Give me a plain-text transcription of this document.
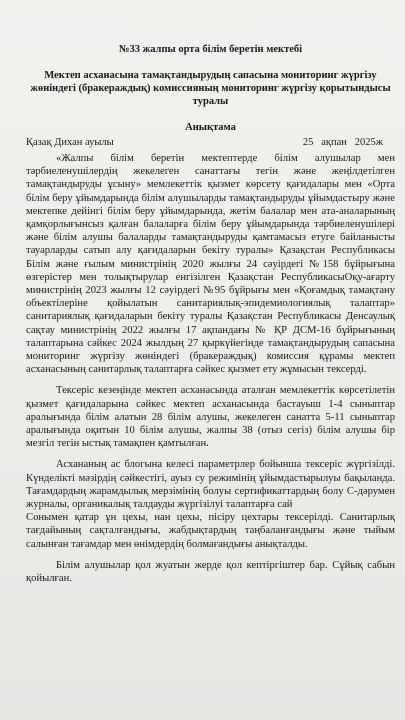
№33 жалпы орта білім беретін мектебі
Мектеп асханасына тамақтандырудың сапасына мониторинг жүргізу жөніндегі (бракераждық) комиссияның мониторинг жүргізу қорытындысы туралы
Анықтама
Қазақ Дихан ауылы	25   ақпан   2025ж

«Жалпы білім беретін мектептерде білім алушылар мен тәрбиеленушілердің жекелеген санаттағы тегін және жеңілдетілген тамақтандыруды ұсыну» мемлекеттік қызмет көрсету қағидалары мен «Орта білім беру ұйымдарында білім алушыларды тамақтандыруды ұйымдастыру және мектепке дейінгі білім беру ұйымдарында, жетім балалар мен ата-аналарының қамқорлығынсыз қалған балаларға білім беру ұйымдарында тәрбиеленушілері және білім алушы балаларды тамақтандыруды қамтамасыз етуге байланысты тауарларды сатып алу қағидаларын бекіту туралы» Қазақстан Республикасы Білім және ғылым министрінің 2020 жылғы 24 сәуірдегі №158 бұйрығына өзгерістер мен толықтырулар енгізілген Қазақстан РеспубликасыОқу-ағарту министрінің 2023 жылғы 12 сәуірдегі №95 бұйрығы мен «Қоғамдық тамақтану объектілеріне қойылатын санитариялық-эпидемиологиялық талаптар» санитариялық қағидаларын бекіту туралы Қазақстан Республикасы Денсаулық сақтау министрінің 2022 жылғы 17 ақпандағы № ҚР ДСМ-16 бұйрығының талаптарына сәйкес 2024 жылдың 27 қыркүйегінде тамақтандырудың сапасына мониторинг жүргізу жөніндегі (бракераждық) комиссия құрамы мектеп асханасының санитарлық талаптарға сәйкес қызмет ету жұмысын тексерді.

Тексеріс кезеңінде мектеп асханасында аталған мемлекеттік көрсетілетін қызмет қағидаларына сәйкес мектеп асханасында бастауыш 1-4 сыныптар аралығында білім алатын 28 білім алушы, жекелеген санатта 5-11 сыныптар аралығында оқитын 10 білім алушы, жалпы 38 (отыз сегіз) білім алушы бір мезгіл тегін ыстық тамақпен қамтылған.

Асхананың ас блогына келесі параметрлер бойынша тексеріс жүргізілді. Күнделікті мәзірдің сәйкестігі, ауыз су режимінің ұйымдастырылуы бақыланда. Тағамдардың жарамдылық мерзімінің болуы сертификаттардың болу С-дәрумен журналы, органикалық талдауды жүргізілуі талаптарға сай

Сонымен қатар ұн цехы, нан цехы, пісіру цехтары тексерілді. Санитарлық тағдайының сақталғандығы, жабдықтардың таңбаланғандығы және тыйым салынған тағамдар мен өнімдердің болмағандығы анықталды.

Білім алушылар қол жуатын жерде қол кептіргіштер бар. Сұйық сабын қойылған.
